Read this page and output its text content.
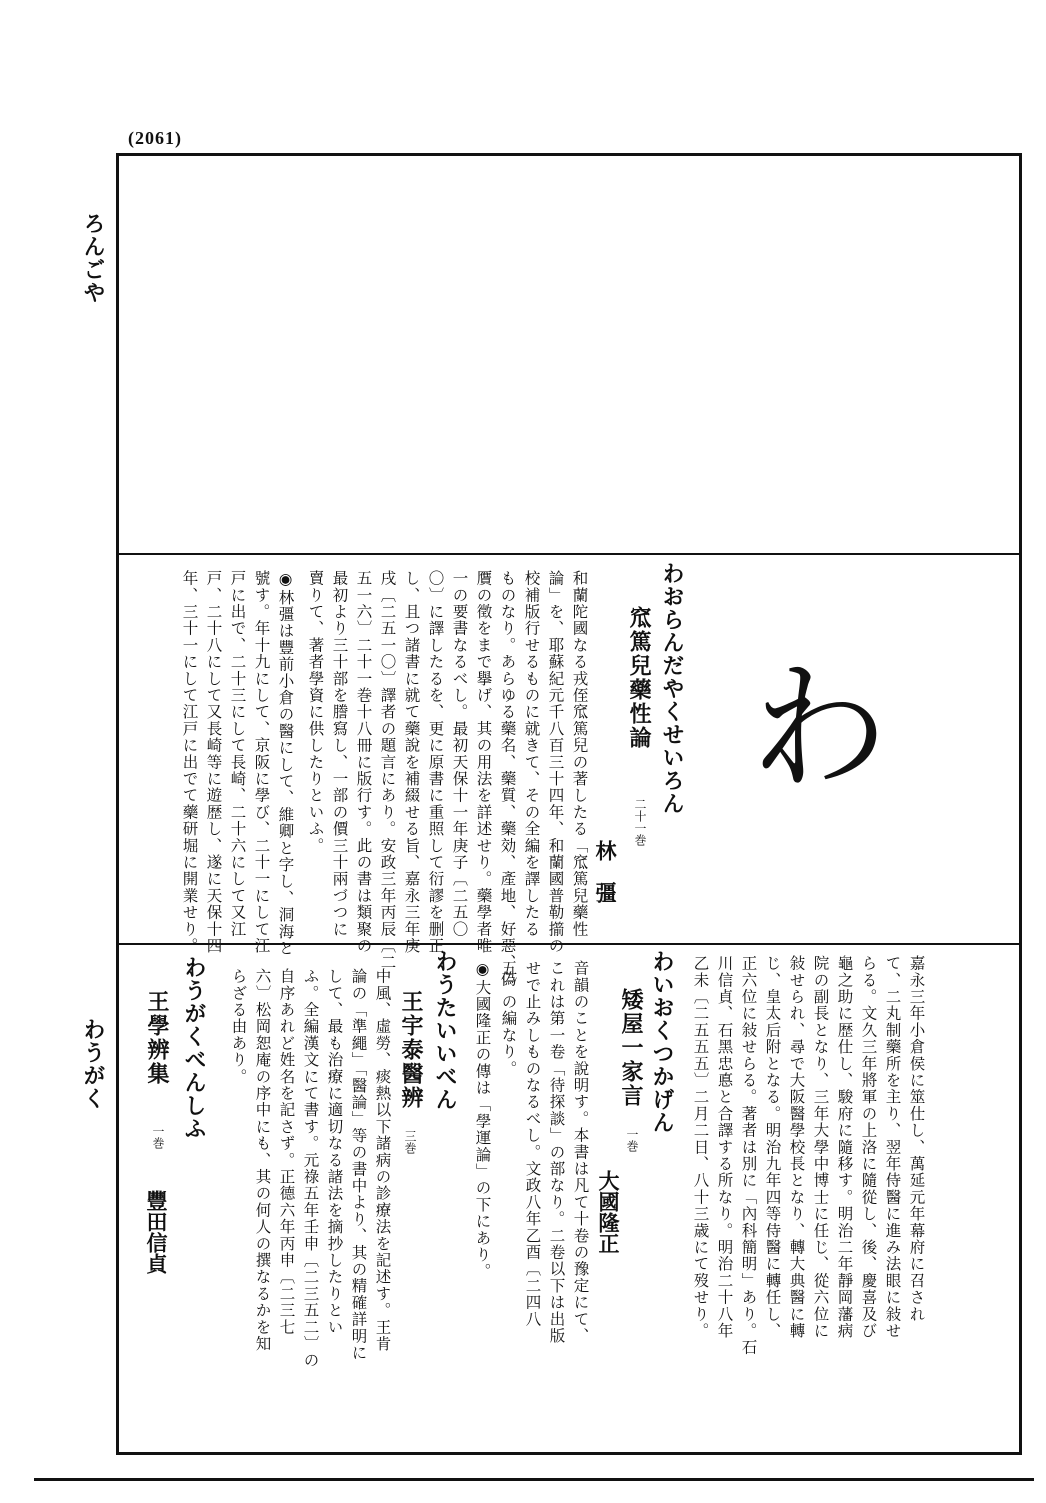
(2061)
ろんごや
わうがく
わ
わおらんだやくせいろん
窊篤兒藥性論
二十一巻
林　彊
和蘭陀國なる戎侄窊篤兒の著したる「窊篤兒藥性
論」を、耶蘇紀元千八百三十四年、和蘭國普勒擶の
校補版行せるものに就きて、その全編を譯したる
ものなり。あらゆる藥名、藥質、藥効、產地、好惡、偽
贋の徵をまで擧げ、其の用法を詳述せり。藥學者唯
一の要書なるべし。最初天保十一年庚子〔二五〇
〇〕に譯したるを、更に原書に重照して衍謬を删正
し、且つ諸書に就て藥說を補綴せる旨、嘉永三年庚
戌〔二五一〇〕譯者の題言にあり。安政三年丙辰〔二
五一六〕二十一巻十八冊に版行す。此の書は類聚の
最初より三十部を謄寫し、一部の價三十兩づつに
賣りて、著者學資に供したりといふ。
◉林彊は豐前小倉の醫にして、維卿と字し、洞海と
號す。年十九にして、京阪に學び、二十一にして江
戸に出で、二十三にして長崎、二十六にして又江
戸、二十八にして又長崎等に遊歴し、遂に天保十四
年、三十一にして江戸に出でて藥研堀に開業せり。
嘉永三年小倉侯に筮仕し、萬延元年幕府に召され
て、二丸制藥所を主り、翌年侍醫に進み法眼に敍せ
らる。文久三年將軍の上洛に隨從し、後、慶喜及び
龜之助に歴仕し、駿府に隨移す。明治二年靜岡藩病
院の副長となり、三年大學中博士に任じ、從六位に
敍せられ、尋で大阪醫學校長となり、轉大典醫に轉
じ、皇太后附となる。明治九年四等侍醫に轉任し、
正六位に敍せらる。著者は別に「內科簡明」あり。石
川信貞、石黑忠悳と合譯する所なり。明治二十八年
乙未〔二五五五〕二月二日、八十三歳にて歿せり。
わいおくつかげん
矮屋一家言
一巻
大國隆正
音韻のことを說明す。本書は凡て十卷の豫定にて、
これは第一卷「待探談」の部なり。二卷以下は出版
せで止みしものなるべし。文政八年乙酉〔二四八
五〕の編なり。
◉大國隆正の傳は「學運論」の下にあり。
わうたいいべん
王宇泰醫辨
三巻
中風、虛勞、痰熱以下諸病の診療法を記述す。王肯
論の「準繩」「醫論」等の書中より、其の精確詳明に
して、最も治療に適切なる諸法を摘抄したりとい
ふ。全編漢文にて書す。元祿五年壬申〔二三五二〕の
自序あれど姓名を記さず。正德六年丙申〔二三七
六〕松岡恕庵の序中にも、其の何人の撰なるかを知
らざる由あり。
わうがくべんしふ
王學辨集
一巻
豐田信貞
